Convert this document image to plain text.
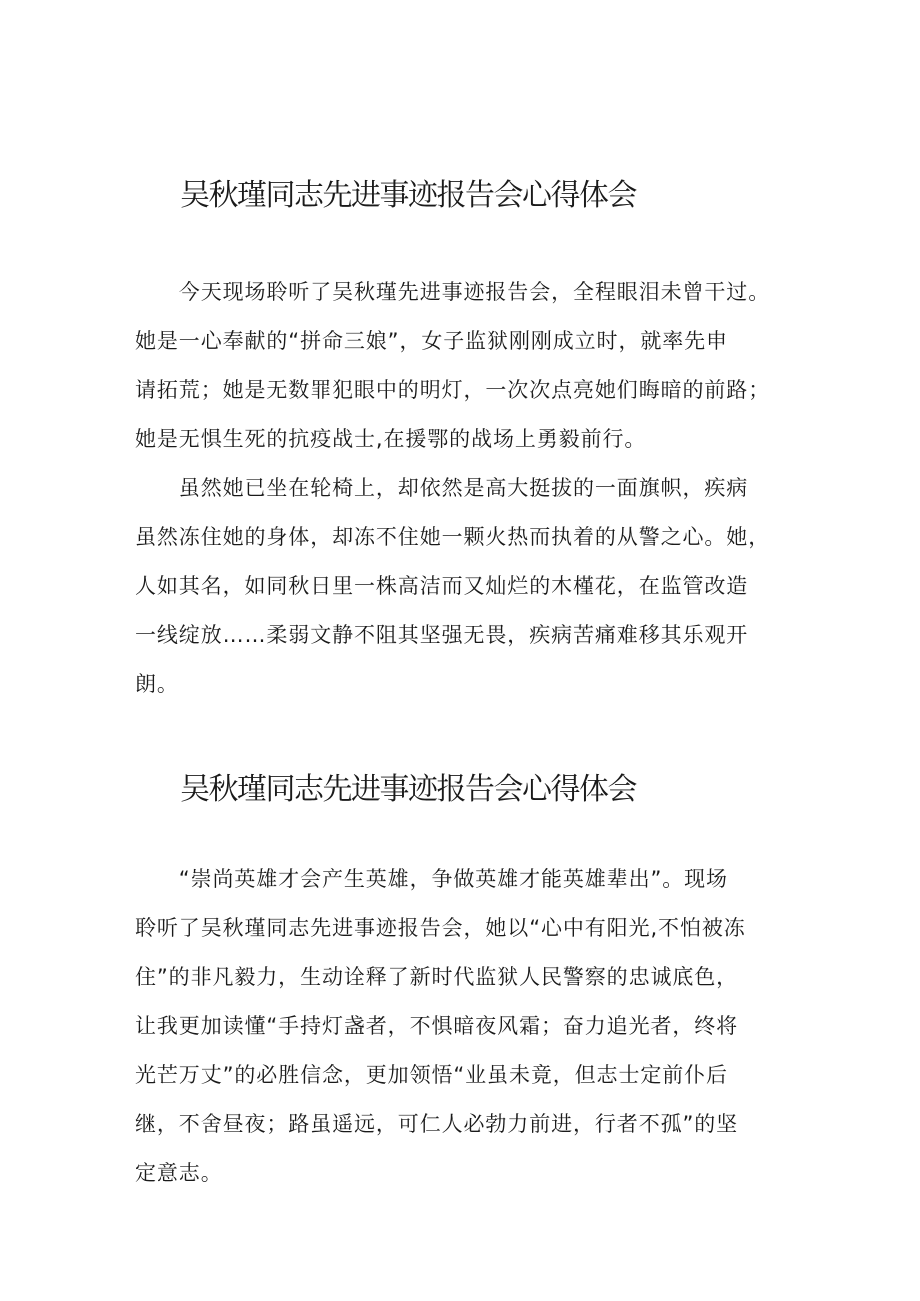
吴秋瑾同志先进事迹报告会心得体会

　　今天现场聆听了吴秋瑾先进事迹报告会，全程眼泪未曾干过。
她是一心奉献的“拼命三娘”，女子监狱刚刚成立时，就率先申
请拓荒；她是无数罪犯眼中的明灯，一次次点亮她们晦暗的前路；
她是无惧生死的抗疫战士,在援鄂的战场上勇毅前行。

　　虽然她已坐在轮椅上，却依然是高大挺拔的一面旗帜，疾病
虽然冻住她的身体，却冻不住她一颗火热而执着的从警之心。她，
人如其名，如同秋日里一株高洁而又灿烂的木槿花，在监管改造
一线绽放……柔弱文静不阻其坚强无畏，疾病苦痛难移其乐观开
朗。

吴秋瑾同志先进事迹报告会心得体会

　　“崇尚英雄才会产生英雄，争做英雄才能英雄辈出”。现场
聆听了吴秋瑾同志先进事迹报告会，她以“心中有阳光,不怕被冻
住”的非凡毅力，生动诠释了新时代监狱人民警察的忠诚底色，
让我更加读懂“手持灯盏者，不惧暗夜风霜；奋力追光者，终将
光芒万丈”的必胜信念，更加领悟“业虽未竟，但志士定前仆后
继，不舍昼夜；路虽遥远，可仁人必勃力前进，行者不孤”的坚
定意志。
